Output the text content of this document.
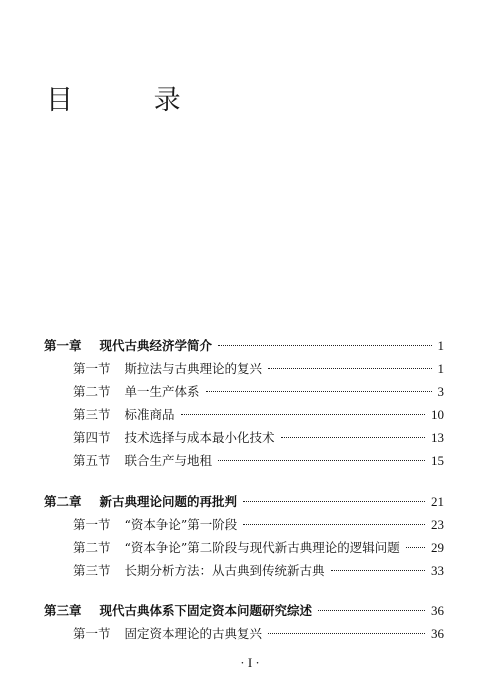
目 录
第一章 现代古典经济学简介	1
第一节 斯拉法与古典理论的复兴	1
第二节 单一生产体系	3
第三节 标准商品	10
第四节 技术选择与成本最小化技术	13
第五节 联合生产与地租	15
第二章 新古典理论问题的再批判	21
第一节 “资本争论”第一阶段	23
第二节 “资本争论”第二阶段与现代新古典理论的逻辑问题 29
第三节 长期分析方法：从古典到传统新古典	33
第三章 现代古典体系下固定资本问题研究综述	36
第一节 固定资本理论的古典复兴	36
· I ·
